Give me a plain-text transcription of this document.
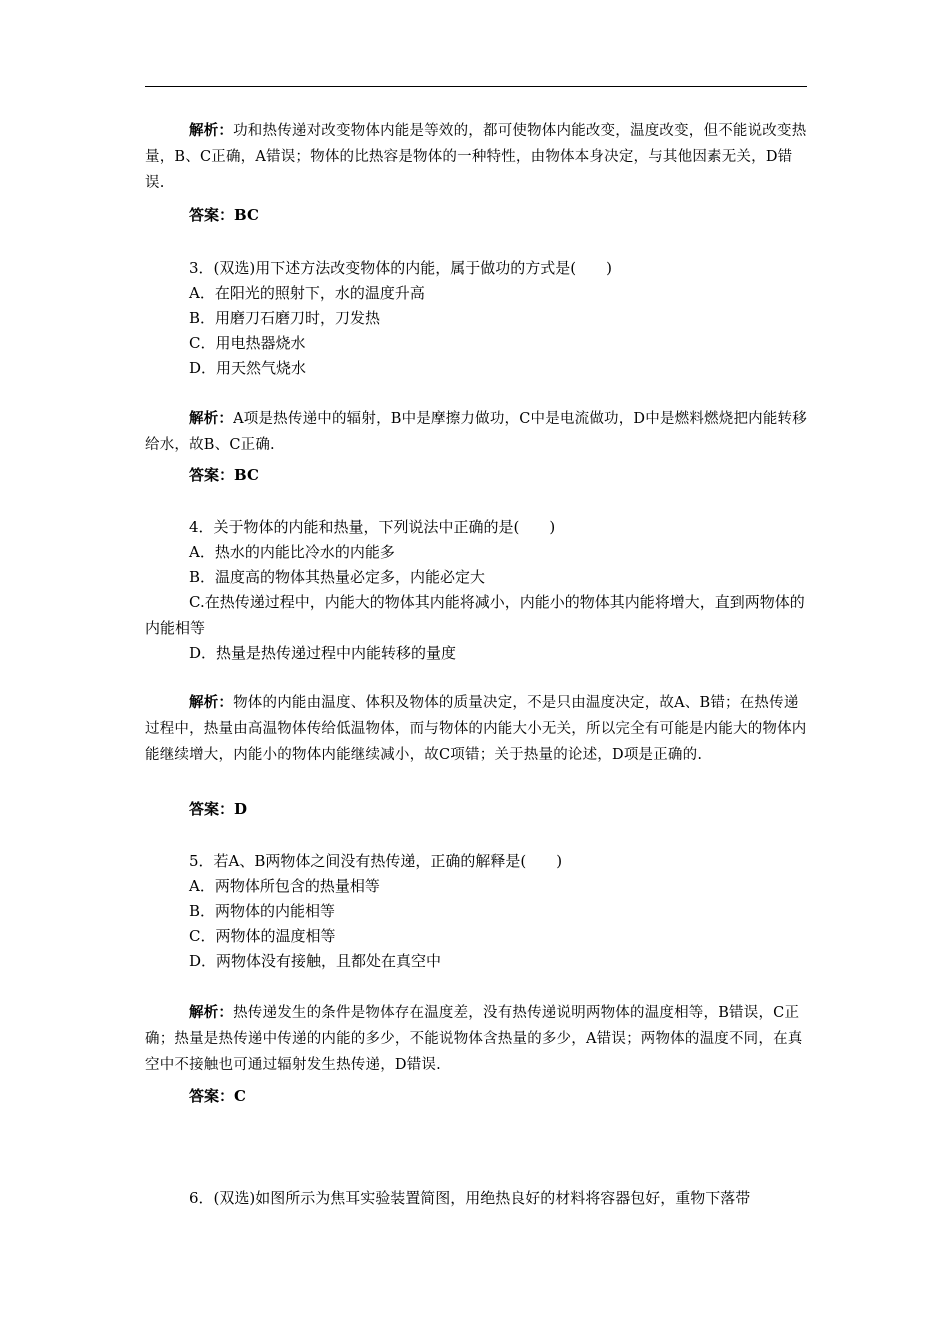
解析：功和热传递对改变物体内能是等效的，都可使物体内能改变，温度改变，但不能说改变热量，B、C正确，A错误；物体的比热容是物体的一种特性，由物体本身决定，与其他因素无关，D错误.

答案：BC

3．(双选)用下述方法改变物体的内能，属于做功的方式是(　　)

A．在阳光的照射下，水的温度升高

B．用磨刀石磨刀时，刀发热

C．用电热器烧水

D．用天然气烧水

解析：A项是热传递中的辐射，B中是摩擦力做功，C中是电流做功，D中是燃料燃烧把内能转移给水，故B、C正确.

答案：BC

4．关于物体的内能和热量，下列说法中正确的是(　　)

A．热水的内能比冷水的内能多

B．温度高的物体其热量必定多，内能必定大

C.在热传递过程中，内能大的物体其内能将减小，内能小的物体其内能将增大，直到两物体的内能相等

D．热量是热传递过程中内能转移的量度

解析：物体的内能由温度、体积及物体的质量决定，不是只由温度决定，故A、B错；在热传递过程中，热量由高温物体传给低温物体，而与物体的内能大小无关，所以完全有可能是内能大的物体内能继续增大，内能小的物体内能继续减小，故C项错；关于热量的论述，D项是正确的.

答案：D

5．若A、B两物体之间没有热传递，正确的解释是(　　)

A．两物体所包含的热量相等

B．两物体的内能相等

C．两物体的温度相等

D．两物体没有接触，且都处在真空中

解析：热传递发生的条件是物体存在温度差，没有热传递说明两物体的温度相等，B错误，C正确；热量是热传递中传递的内能的多少，不能说物体含热量的多少，A错误；两物体的温度不同，在真空中不接触也可通过辐射发生热传递，D错误.

答案：C

6．(双选)如图所示为焦耳实验装置简图，用绝热良好的材料将容器包好，重物下落带
